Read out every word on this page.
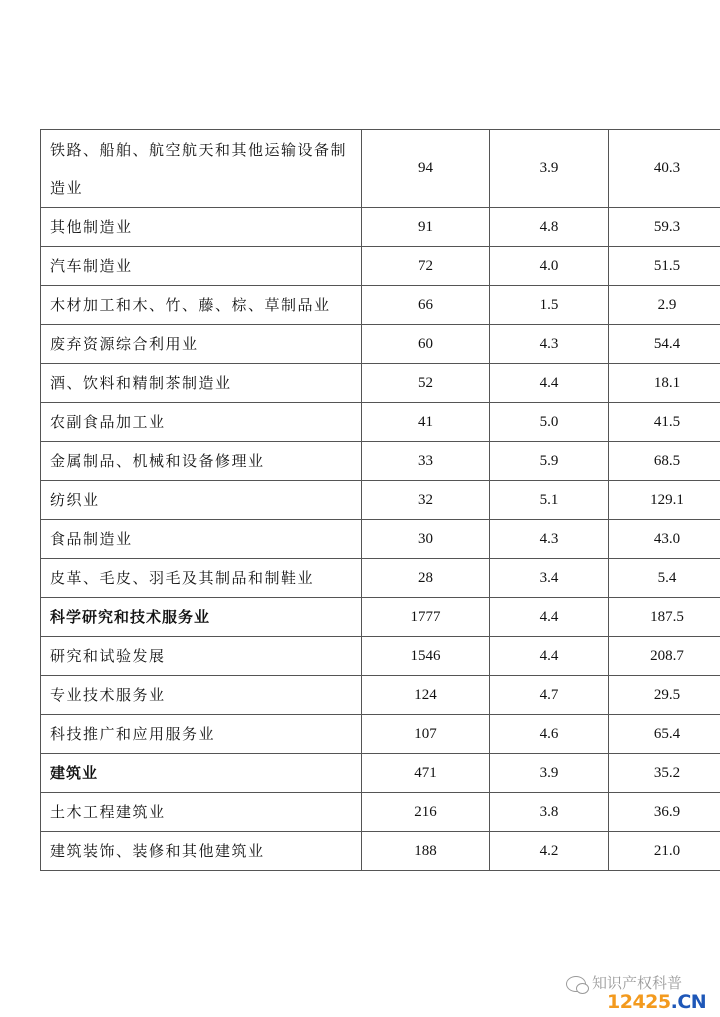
铁路、船舶、航空航天和其他运输设备制造业	94	3.9	40.3
其他制造业	91	4.8	59.3
汽车制造业	72	4.0	51.5
木材加工和木、竹、藤、棕、草制品业	66	1.5	2.9
废弃资源综合利用业	60	4.3	54.4
酒、饮料和精制茶制造业	52	4.4	18.1
农副食品加工业	41	5.0	41.5
金属制品、机械和设备修理业	33	5.9	68.5
纺织业	32	5.1	129.1
食品制造业	30	4.3	43.0
皮革、毛皮、羽毛及其制品和制鞋业	28	3.4	5.4
科学研究和技术服务业	1777	4.4	187.5
研究和试验发展	1546	4.4	208.7
专业技术服务业	124	4.7	29.5
科技推广和应用服务业	107	4.6	65.4
建筑业	471	3.9	35.2
土木工程建筑业	216	3.8	36.9
建筑装饰、装修和其他建筑业	188	4.2	21.0
知识产权科普
12425.CN
